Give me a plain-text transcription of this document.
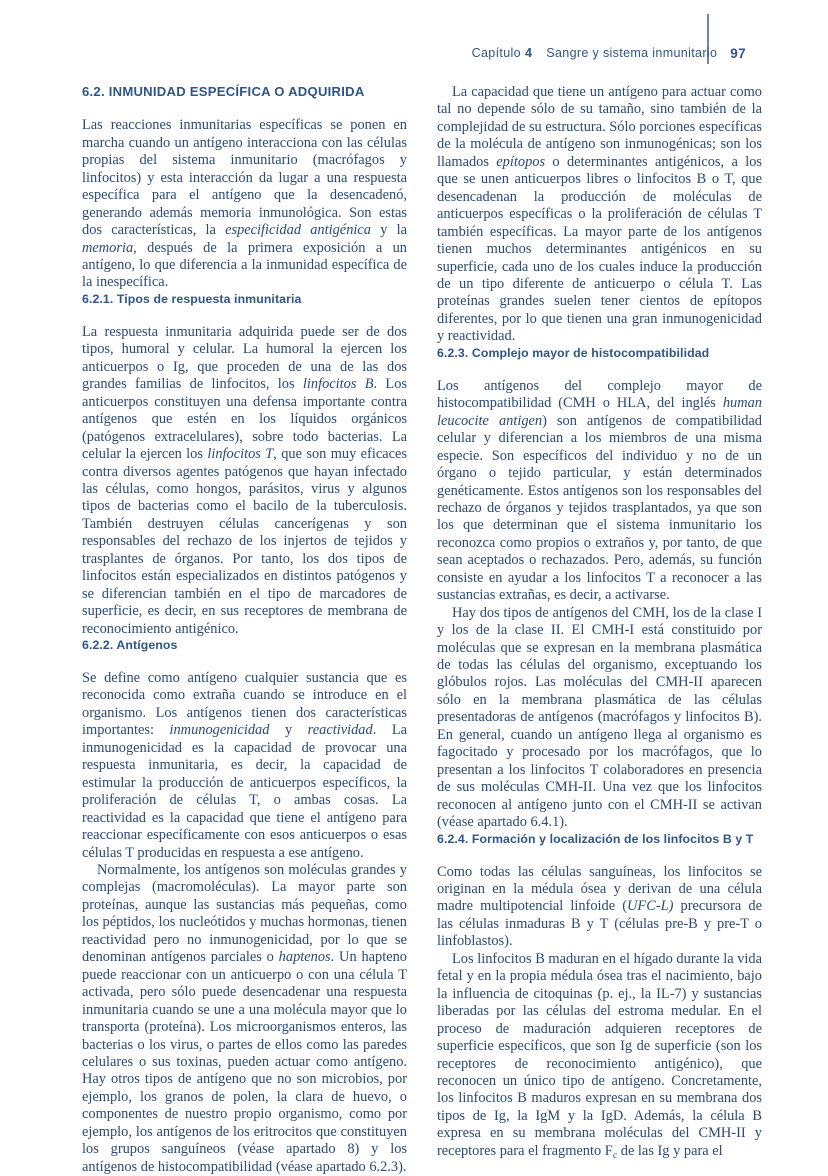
Capítulo 4 Sangre y sistema inmunitario 97
6.2. INMUNIDAD ESPECÍFICA O ADQUIRIDA

Las reacciones inmunitarias específicas se ponen en marcha cuando un antígeno interacciona con las células propias del sistema inmunitario (macrófagos y linfocitos) y esta interacción da lugar a una respuesta específica para el antígeno que la desencadenó, generando además memoria inmunológica. Son estas dos características, la especificidad antigénica y la memoria, después de la primera exposición a un antígeno, lo que diferencia a la inmunidad específica de la inespecífica.

6.2.1. Tipos de respuesta inmunitaria

La respuesta inmunitaria adquirida puede ser de dos tipos, humoral y celular. La humoral la ejercen los anticuerpos o Ig, que proceden de una de las dos grandes familias de linfocitos, los linfocitos B. Los anticuerpos constituyen una defensa importante contra antígenos que estén en los líquidos orgánicos (patógenos extracelulares), sobre todo bacterias. La celular la ejercen los linfocitos T, que son muy eficaces contra diversos agentes patógenos que hayan infectado las células, como hongos, parásitos, virus y algunos tipos de bacterias como el bacilo de la tuberculosis. También destruyen células cancerígenas y son responsables del rechazo de los injertos de tejidos y trasplantes de órganos. Por tanto, los dos tipos de linfocitos están especializados en distintos patógenos y se diferencian también en el tipo de marcadores de superficie, es decir, en sus receptores de membrana de reconocimiento antigénico.

6.2.2. Antígenos

Se define como antígeno cualquier sustancia que es reconocida como extraña cuando se introduce en el organismo. Los antígenos tienen dos características importantes: inmunogenicidad y reactividad. La inmunogenicidad es la capacidad de provocar una respuesta inmunitaria, es decir, la capacidad de estimular la producción de anticuerpos específicos, la proliferación de células T, o ambas cosas. La reactividad es la capacidad que tiene el antígeno para reaccionar específicamente con esos anticuerpos o esas células T producidas en respuesta a ese antígeno.

Normalmente, los antígenos son moléculas grandes y complejas (macromoléculas). La mayor parte son proteínas, aunque las sustancias más pequeñas, como los péptidos, los nucleótidos y muchas hormonas, tienen reactividad pero no inmunogenicidad, por lo que se denominan antígenos parciales o haptenos. Un hapteno puede reaccionar con un anticuerpo o con una célula T activada, pero sólo puede desencadenar una respuesta inmunitaria cuando se une a una molécula mayor que lo transporta (proteína). Los microorganismos enteros, las bacterias o los virus, o partes de ellos como las paredes celulares o sus toxinas, pueden actuar como antígeno. Hay otros tipos de antígeno que no son microbios, por ejemplo, los granos de polen, la clara de huevo, o componentes de nuestro propio organismo, como por ejemplo, los antígenos de los eritrocitos que constituyen los grupos sanguíneos (véase apartado 8) y los antígenos de histocompatibilidad (véase apartado 6.2.3).

La capacidad que tiene un antígeno para actuar como tal no depende sólo de su tamaño, sino también de la complejidad de su estructura. Sólo porciones específicas de la molécula de antígeno son inmunogénicas; son los llamados epítopos o determinantes antigénicos, a los que se unen anticuerpos libres o linfocitos B o T, que desencadenan la producción de moléculas de anticuerpos específicas o la proliferación de células T también específicas. La mayor parte de los antígenos tienen muchos determinantes antigénicos en su superficie, cada uno de los cuales induce la producción de un tipo diferente de anticuerpo o célula T. Las proteínas grandes suelen tener cientos de epítopos diferentes, por lo que tienen una gran inmunogenicidad y reactividad.

6.2.3. Complejo mayor de histocompatibilidad

Los antígenos del complejo mayor de histocompatibilidad (CMH o HLA, del inglés human leucocite antigen) son antígenos de compatibilidad celular y diferencian a los miembros de una misma especie. Son específicos del individuo y no de un órgano o tejido particular, y están determinados genéticamente. Estos antígenos son los responsables del rechazo de órganos y tejidos trasplantados, ya que son los que determinan que el sistema inmunitario los reconozca como propios o extraños y, por tanto, de que sean aceptados o rechazados. Pero, además, su función consiste en ayudar a los linfocitos T a reconocer a las sustancias extrañas, es decir, a activarse.

Hay dos tipos de antígenos del CMH, los de la clase I y los de la clase II. El CMH-I está constituido por moléculas que se expresan en la membrana plasmática de todas las células del organismo, exceptuando los glóbulos rojos. Las moléculas del CMH-II aparecen sólo en la membrana plasmática de las células presentadoras de antígenos (macrófagos y linfocitos B). En general, cuando un antígeno llega al organismo es fagocitado y procesado por los macrófagos, que lo presentan a los linfocitos T colaboradores en presencia de sus moléculas CMH-II. Una vez que los linfocitos reconocen al antígeno junto con el CMH-II se activan (véase apartado 6.4.1).

6.2.4. Formación y localización de los linfocitos B y T

Como todas las células sanguíneas, los linfocitos se originan en la médula ósea y derivan de una célula madre multipotencial linfoide (UFC-L) precursora de las células inmaduras B y T (células pre-B y pre-T o linfoblastos).

Los linfocitos B maduran en el hígado durante la vida fetal y en la propia médula ósea tras el nacimiento, bajo la influencia de citoquinas (p. ej., la IL-7) y sustancias liberadas por las células del estroma medular. En el proceso de maduración adquieren receptores de superficie específicos, que son Ig de superficie (son los receptores de reconocimiento antigénico), que reconocen un único tipo de antígeno. Concretamente, los linfocitos B maduros expresan en su membrana dos tipos de Ig, la IgM y la IgD. Además, la célula B expresa en su membrana moléculas del CMH-II y receptores para el fragmento $F_c$ de las Ig y para el
